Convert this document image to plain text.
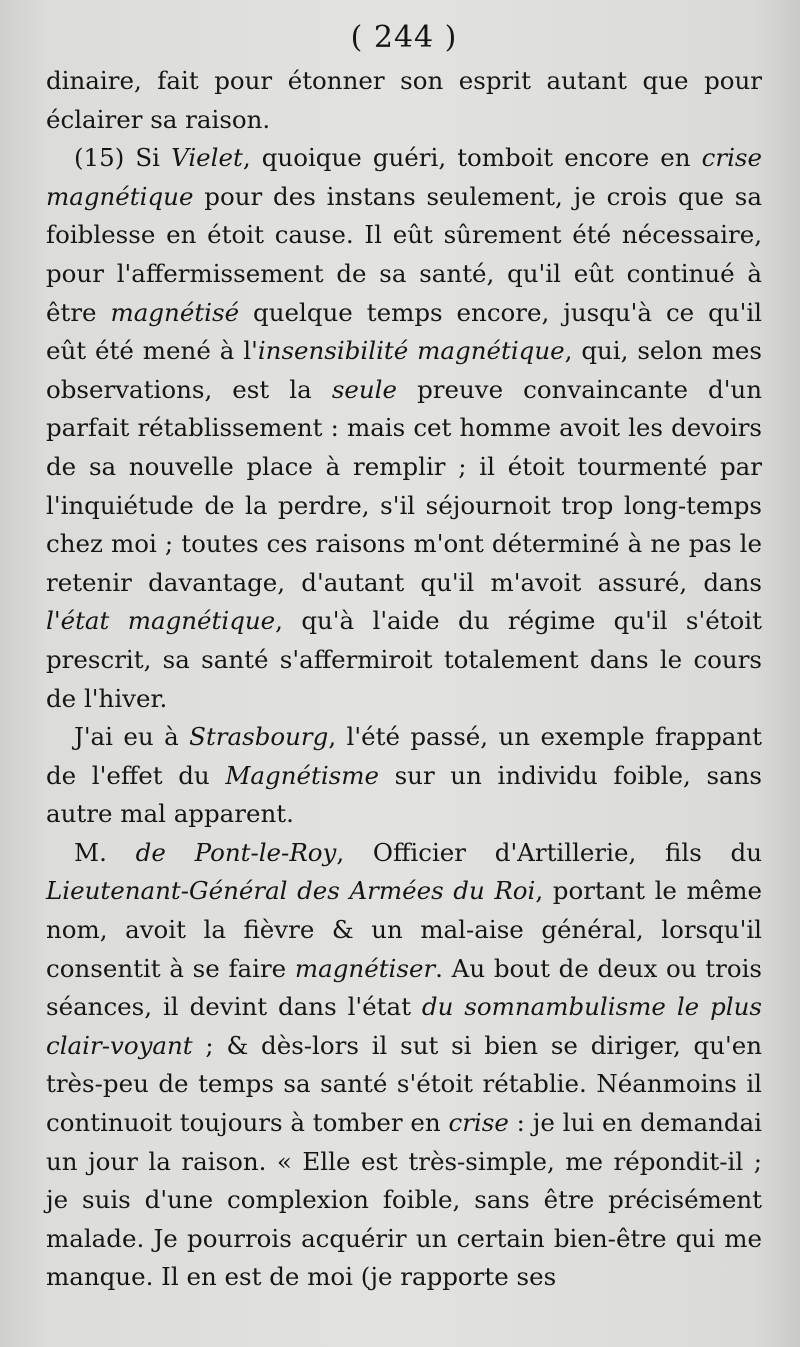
( 244 )

dinaire, fait pour étonner son esprit autant que pour éclairer sa raison.

(15) Si Vielet, quoique guéri, tomboit encore en crise magnétique pour des instans seulement, je crois que sa foiblesse en étoit cause. Il eût sûrement été nécessaire, pour l'affermissement de sa santé, qu'il eût continué à être magnétisé quelque temps encore, jusqu'à ce qu'il eût été mené à l'insensibilité magnétique, qui, selon mes observations, est la seule preuve convaincante d'un parfait rétablissement : mais cet homme avoit les devoirs de sa nouvelle place à remplir ; il étoit tourmenté par l'inquiétude de la perdre, s'il séjournoit trop long-temps chez moi ; toutes ces raisons m'ont déterminé à ne pas le retenir davantage, d'autant qu'il m'avoit assuré, dans l'état magnétique, qu'à l'aide du régime qu'il s'étoit prescrit, sa santé s'affermiroit totalement dans le cours de l'hiver.

J'ai eu à Strasbourg, l'été passé, un exemple frappant de l'effet du Magnétisme sur un individu foible, sans autre mal apparent.

M. de Pont-le-Roy, Officier d'Artillerie, fils du Lieutenant-Général des Armées du Roi, portant le même nom, avoit la fièvre & un mal-aise général, lorsqu'il consentit à se faire magnétiser. Au bout de deux ou trois séances, il devint dans l'état du somnambulisme le plus clair-voyant ; & dès-lors il sut si bien se diriger, qu'en très-peu de temps sa santé s'étoit rétablie. Néanmoins il continuoit toujours à tomber en crise : je lui en demandai un jour la raison. « Elle est très-simple, me répondit-il ; je suis d'une complexion foible, sans être précisément malade. Je pourrois acquérir un certain bien-être qui me manque. Il en est de moi (je rapporte ses
